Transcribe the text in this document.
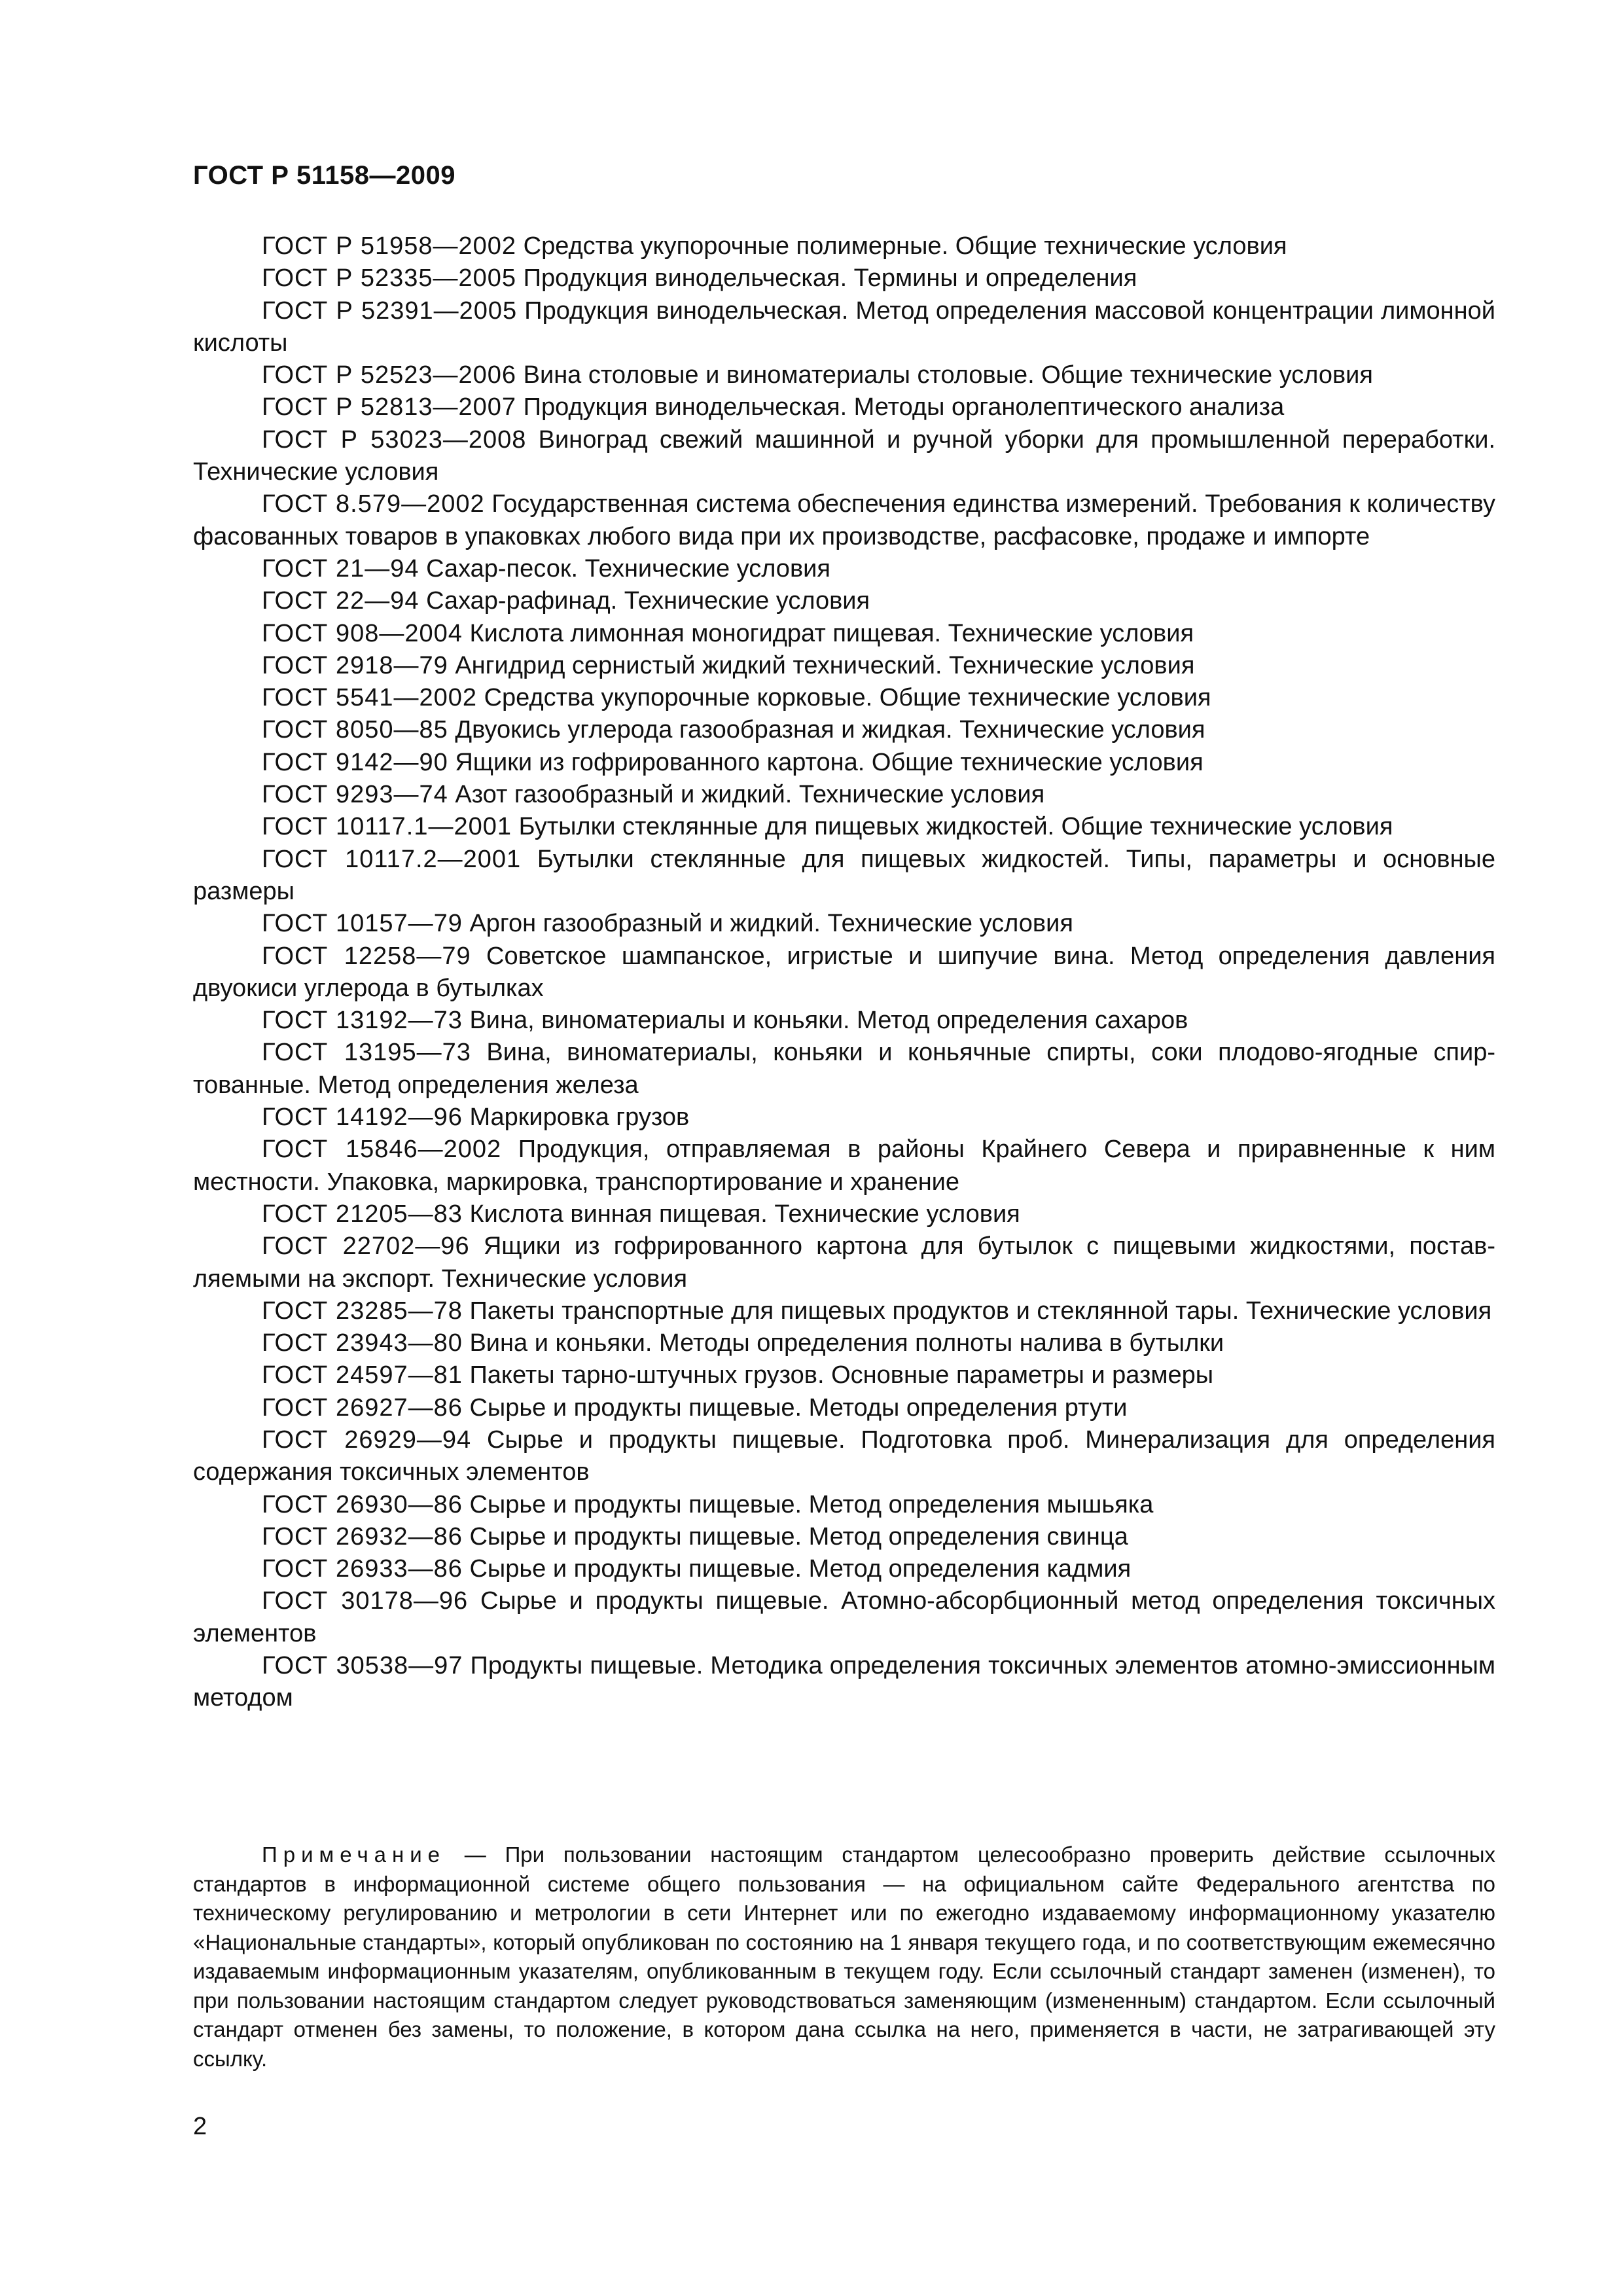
ГОСТ Р 51158—2009
ГОСТ Р 51958—2002 Средства укупорочные полимерные. Общие технические условия
ГОСТ Р 52335—2005 Продукция винодельческая. Термины и определения
ГОСТ Р 52391—2005 Продукция винодельческая. Метод определения массовой концентрации лимонной кислоты
ГОСТ Р 52523—2006 Вина столовые и виноматериалы столовые. Общие технические условия
ГОСТ Р 52813—2007 Продукция винодельческая. Методы органолептического анализа
ГОСТ Р 53023—2008 Виноград свежий машинной и ручной уборки для промышленной переработки. Технические условия
ГОСТ 8.579—2002 Государственная система обеспечения единства измерений. Требования к количеству фасованных товаров в упаковках любого вида при их производстве, расфасовке, продаже и импорте
ГОСТ 21—94 Сахар-песок. Технические условия
ГОСТ 22—94 Сахар-рафинад. Технические условия
ГОСТ 908—2004 Кислота лимонная моногидрат пищевая. Технические условия
ГОСТ 2918—79 Ангидрид сернистый жидкий технический. Технические условия
ГОСТ 5541—2002 Средства укупорочные корковые. Общие технические условия
ГОСТ 8050—85 Двуокись углерода газообразная и жидкая. Технические условия
ГОСТ 9142—90 Ящики из гофрированного картона. Общие технические условия
ГОСТ 9293—74 Азот газообразный и жидкий. Технические условия
ГОСТ 10117.1—2001 Бутылки стеклянные для пищевых жидкостей. Общие технические условия
ГОСТ 10117.2—2001 Бутылки стеклянные для пищевых жидкостей. Типы, параметры и основные размеры
ГОСТ 10157—79 Аргон газообразный и жидкий. Технические условия
ГОСТ 12258—79 Советское шампанское, игристые и шипучие вина. Метод определения давления двуокиси углерода в бутылках
ГОСТ 13192—73 Вина, виноматериалы и коньяки. Метод определения сахаров
ГОСТ 13195—73 Вина, виноматериалы, коньяки и коньячные спирты, соки плодово-ягодные спиртованные. Метод определения железа
ГОСТ 14192—96 Маркировка грузов
ГОСТ 15846—2002 Продукция, отправляемая в районы Крайнего Севера и приравненные к ним местности. Упаковка, маркировка, транспортирование и хранение
ГОСТ 21205—83 Кислота винная пищевая. Технические условия
ГОСТ 22702—96 Ящики из гофрированного картона для бутылок с пищевыми жидкостями, поставляемыми на экспорт. Технические условия
ГОСТ 23285—78 Пакеты транспортные для пищевых продуктов и стеклянной тары. Технические условия
ГОСТ 23943—80 Вина и коньяки. Методы определения полноты налива в бутылки
ГОСТ 24597—81 Пакеты тарно-штучных грузов. Основные параметры и размеры
ГОСТ 26927—86 Сырье и продукты пищевые. Методы определения ртути
ГОСТ 26929—94 Сырье и продукты пищевые. Подготовка проб. Минерализация для определения содержания токсичных элементов
ГОСТ 26930—86 Сырье и продукты пищевые. Метод определения мышьяка
ГОСТ 26932—86 Сырье и продукты пищевые. Метод определения свинца
ГОСТ 26933—86 Сырье и продукты пищевые. Метод определения кадмия
ГОСТ 30178—96 Сырье и продукты пищевые. Атомно-абсорбционный метод определения токсичных элементов
ГОСТ 30538—97 Продукты пищевые. Методика определения токсичных элементов атомно-эмиссионным методом
Примечание — При пользовании настоящим стандартом целесообразно проверить действие ссылочных стандартов в информационной системе общего пользования — на официальном сайте Федерального агентства по техническому регулированию и метрологии в сети Интернет или по ежегодно издаваемому информационному указателю «Национальные стандарты», который опубликован по состоянию на 1 января текущего года, и по соответствующим ежемесячно издаваемым информационным указателям, опубликованным в текущем году. Если ссылочный стандарт заменен (изменен), то при пользовании настоящим стандартом следует руководствоваться заменяющим (измененным) стандартом. Если ссылочный стандарт отменен без замены, то положение, в котором дана ссылка на него, применяется в части, не затрагивающей эту ссылку.
2
